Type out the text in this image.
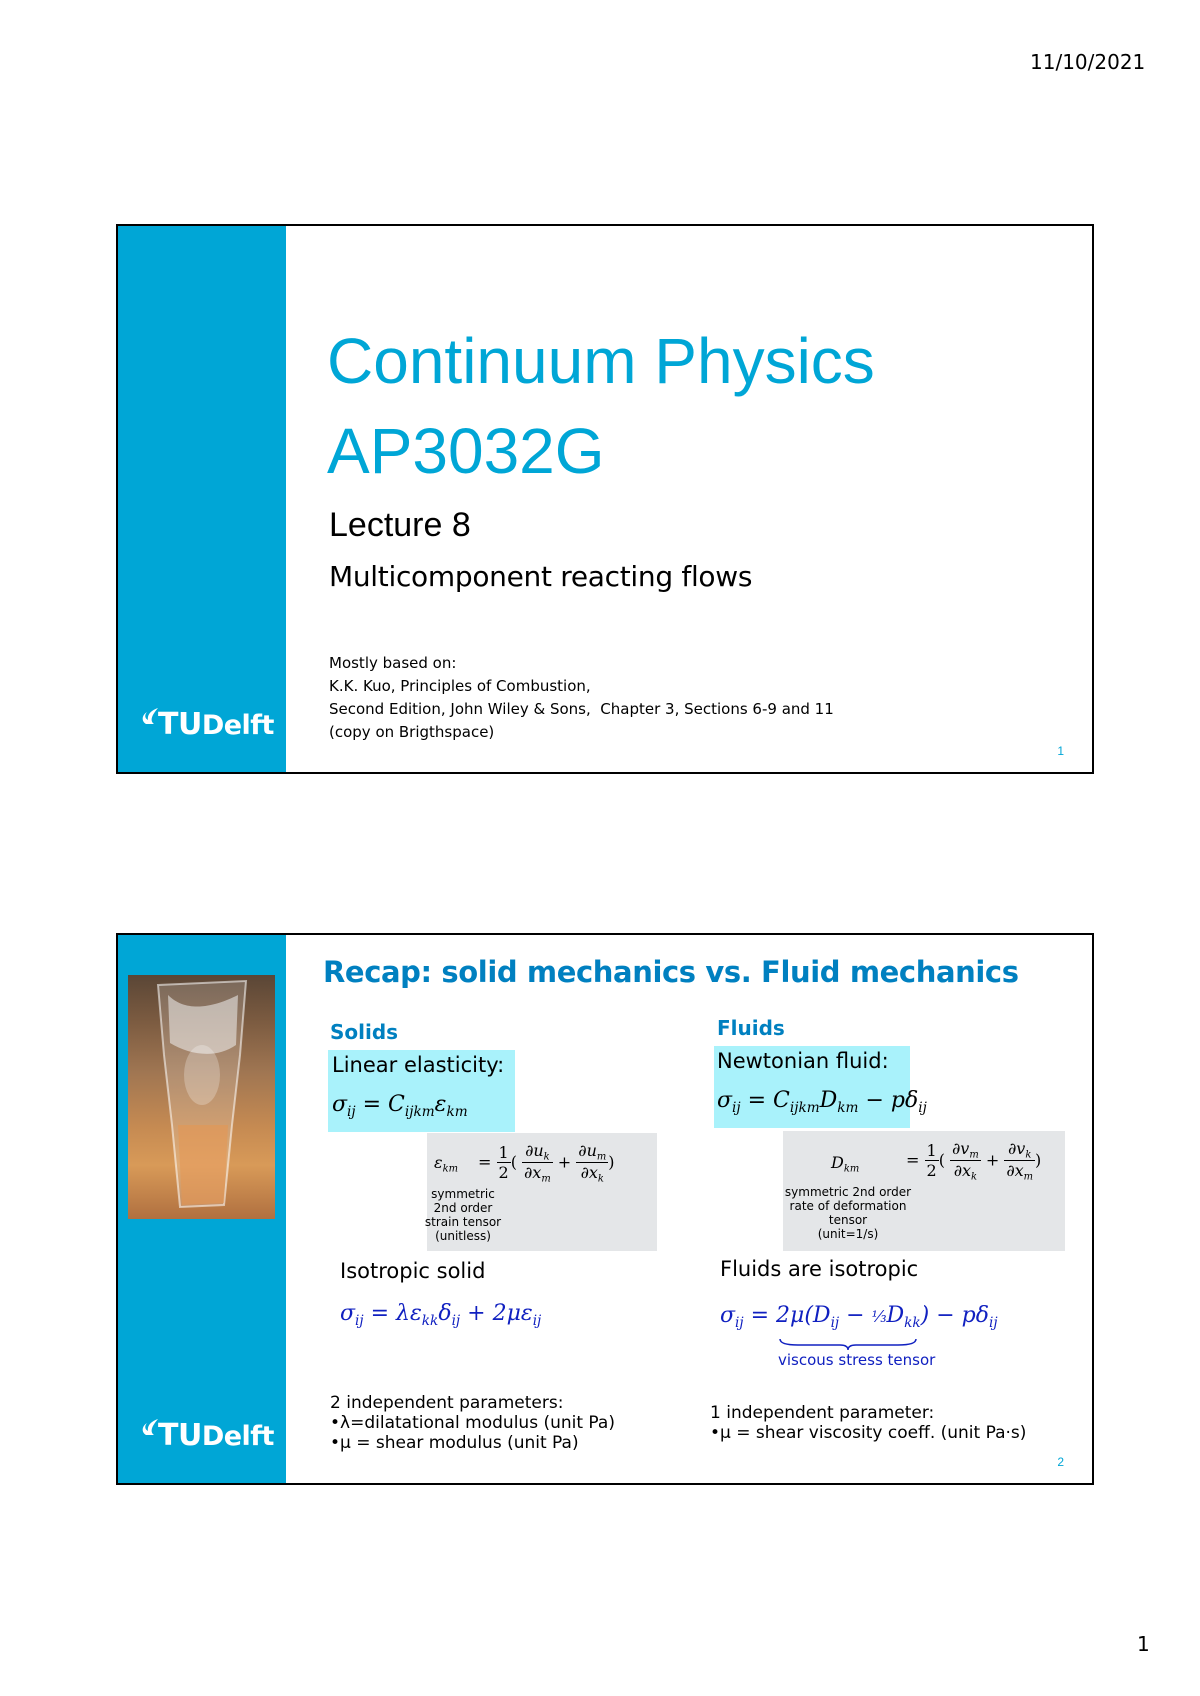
11/10/2021
TUDelft
Continuum Physics
AP3032G
Lecture 8
Multicomponent reacting flows
Mostly based on:
K.K. Kuo, Principles of Combustion,
Second Edition, John Wiley & Sons,  Chapter 3, Sections 6-9 and 11
(copy on Brigthspace)
1
TUDelft
Recap: solid mechanics vs. Fluid mechanics
Solids
Linear elasticity:
$\sigma_{ij} = C_{ijkm}\varepsilon_{km}$
$\varepsilon_{km} = \frac{1}{2}$ ( $\frac{\partial u_k}{\partial x_m} + \frac{\partial u_m}{\partial x_k}$ )
symmetric
2nd order
strain tensor
(unitless)
Isotropic solid
$\sigma_{ij} = \lambda\varepsilon_{kk}\delta_{ij} + 2\mu\varepsilon_{ij}$
2 independent parameters:
•λ=dilatational modulus (unit Pa)
•μ = shear modulus (unit Pa)
Fluids
Newtonian fluid:
$\sigma_{ij} = C_{ijkm}D_{km} - p\delta_{ij}$
$D_{km}$	= $\frac{1}{2}$ ( $\frac{\partial v_m}{\partial x_k} + \frac{\partial v_k}{\partial x_m}$ )
symmetric 2nd order
rate of deformation
tensor
(unit=1/s)
Fluids are isotropic
$\sigma_{ij} = 2\mu(D_{ij}$ − $\frac{1}{3}D_{kk}) - p\delta_{ij}$
viscous stress tensor
1 independent parameter:
•μ = shear viscosity coeff. (unit Pa·s)
2
1
